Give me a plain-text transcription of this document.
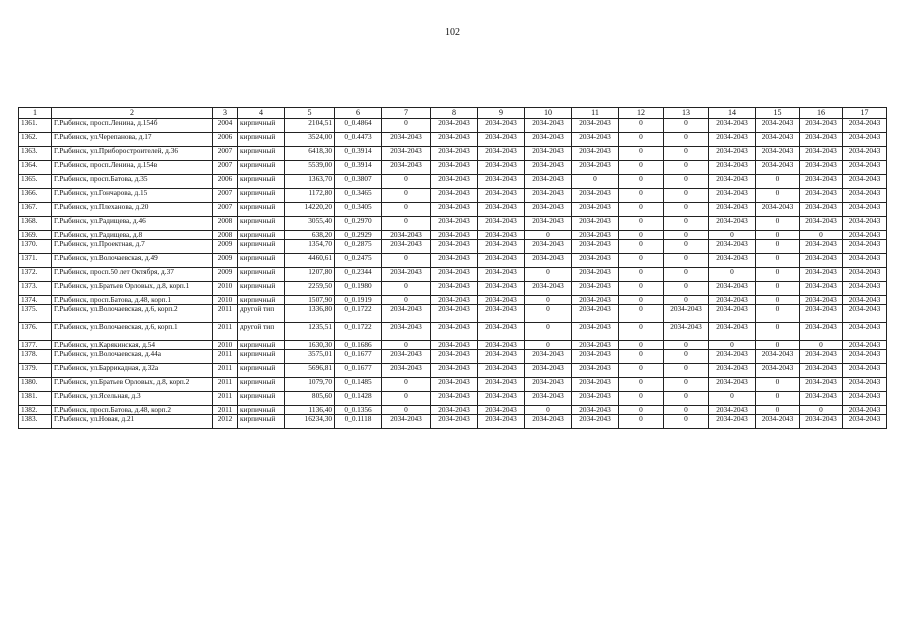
102
1	2	3	4	5	6	7	8	9	10	11	12	13	14	15	16	17
1361.	Г.Рыбинск, просп.Ленина, д.154б	2004	кирпичный	2104,51	0_0.4864	0	2034-2043	2034-2043	2034-2043	2034-2043	0	0	2034-2043	2034-2043	2034-2043	2034-2043
1362.	Г.Рыбинск, ул.Черепанова, д.17	2006	кирпичный	3524,00	0_0.4473	2034-2043	2034-2043	2034-2043	2034-2043	2034-2043	0	0	2034-2043	2034-2043	2034-2043	2034-2043
1363.	Г.Рыбинск, ул.Приборостроителей, д.36	2007	кирпичный	6418,30	0_0.3914	2034-2043	2034-2043	2034-2043	2034-2043	2034-2043	0	0	2034-2043	2034-2043	2034-2043	2034-2043
1364.	Г.Рыбинск, просп.Ленина, д.154в	2007	кирпичный	5539,00	0_0.3914	2034-2043	2034-2043	2034-2043	2034-2043	2034-2043	0	0	2034-2043	2034-2043	2034-2043	2034-2043
1365.	Г.Рыбинск, просп.Батова, д.35	2006	кирпичный	1363,70	0_0.3807	0	2034-2043	2034-2043	2034-2043	0	0	0	2034-2043	0	2034-2043	2034-2043
1366.	Г.Рыбинск, ул.Гончарова, д.15	2007	кирпичный	1172,80	0_0.3465	0	2034-2043	2034-2043	2034-2043	2034-2043	0	0	2034-2043	0	2034-2043	2034-2043
1367.	Г.Рыбинск, ул.Плеханова, д.20	2007	кирпичный	14220,20	0_0.3405	0	2034-2043	2034-2043	2034-2043	2034-2043	0	0	2034-2043	2034-2043	2034-2043	2034-2043
1368.	Г.Рыбинск, ул.Радищева, д.46	2008	кирпичный	3055,40	0_0.2970	0	2034-2043	2034-2043	2034-2043	2034-2043	0	0	2034-2043	0	2034-2043	2034-2043
1369.	Г.Рыбинск, ул.Радищева, д.8	2008	кирпичный	638,20	0_0.2929	2034-2043	2034-2043	2034-2043	0	2034-2043	0	0	0	0	0	2034-2043
1370.	Г.Рыбинск, ул.Проектная, д.7	2009	кирпичный	1354,70	0_0.2875	2034-2043	2034-2043	2034-2043	2034-2043	2034-2043	0	0	2034-2043	0	2034-2043	2034-2043
1371.	Г.Рыбинск, ул.Волочаевская, д.49	2009	кирпичный	4460,61	0_0.2475	0	2034-2043	2034-2043	2034-2043	2034-2043	0	0	2034-2043	0	2034-2043	2034-2043
1372.	Г.Рыбинск, просп.50 лет Октября, д.37	2009	кирпичный	1207,80	0_0.2344	2034-2043	2034-2043	2034-2043	0	2034-2043	0	0	0	0	2034-2043	2034-2043
1373.	Г.Рыбинск, ул.Братьев Орловых, д.8, корп.1	2010	кирпичный	2259,50	0_0.1980	0	2034-2043	2034-2043	2034-2043	2034-2043	0	0	2034-2043	0	2034-2043	2034-2043
1374.	Г.Рыбинск, просп.Батова, д.48, корп.1	2010	кирпичный	1507,90	0_0.1919	0	2034-2043	2034-2043	0	2034-2043	0	0	2034-2043	0	2034-2043	2034-2043
1375.	Г.Рыбинск, ул.Волочаевская, д.6, корп.2	2011	другой тип	1336,80	0_0.1722	2034-2043	2034-2043	2034-2043	0	2034-2043	0	2034-2043	2034-2043	0	2034-2043	2034-2043
1376.	Г.Рыбинск, ул.Волочаевская, д.6, корп.1	2011	другой тип	1235,51	0_0.1722	2034-2043	2034-2043	2034-2043	0	2034-2043	0	2034-2043	2034-2043	0	2034-2043	2034-2043
1377.	Г.Рыбинск, ул.Карякинская, д.54	2010	кирпичный	1630,30	0_0.1686	0	2034-2043	2034-2043	0	2034-2043	0	0	0	0	0	2034-2043
1378.	Г.Рыбинск, ул.Волочаевская, д.44а	2011	кирпичный	3575,01	0_0.1677	2034-2043	2034-2043	2034-2043	2034-2043	2034-2043	0	0	2034-2043	2034-2043	2034-2043	2034-2043
1379.	Г.Рыбинск, ул.Баррикадная, д.32а	2011	кирпичный	5696,81	0_0.1677	2034-2043	2034-2043	2034-2043	2034-2043	2034-2043	0	0	2034-2043	2034-2043	2034-2043	2034-2043
1380.	Г.Рыбинск, ул.Братьев Орловых, д.8, корп.2	2011	кирпичный	1079,70	0_0.1485	0	2034-2043	2034-2043	2034-2043	2034-2043	0	0	2034-2043	0	2034-2043	2034-2043
1381.	Г.Рыбинск, ул.Ясельная, д.3	2011	кирпичный	805,60	0_0.1428	0	2034-2043	2034-2043	2034-2043	2034-2043	0	0	0	0	2034-2043	2034-2043
1382.	Г.Рыбинск, просп.Батова, д.48, корп.2	2011	кирпичный	1136,40	0_0.1356	0	2034-2043	2034-2043	0	2034-2043	0	0	2034-2043	0	0	2034-2043
1383.	Г.Рыбинск, ул.Новая, д.21	2012	кирпичный	16234,30	0_0.1118	2034-2043	2034-2043	2034-2043	2034-2043	2034-2043	0	0	2034-2043	2034-2043	2034-2043	2034-2043
